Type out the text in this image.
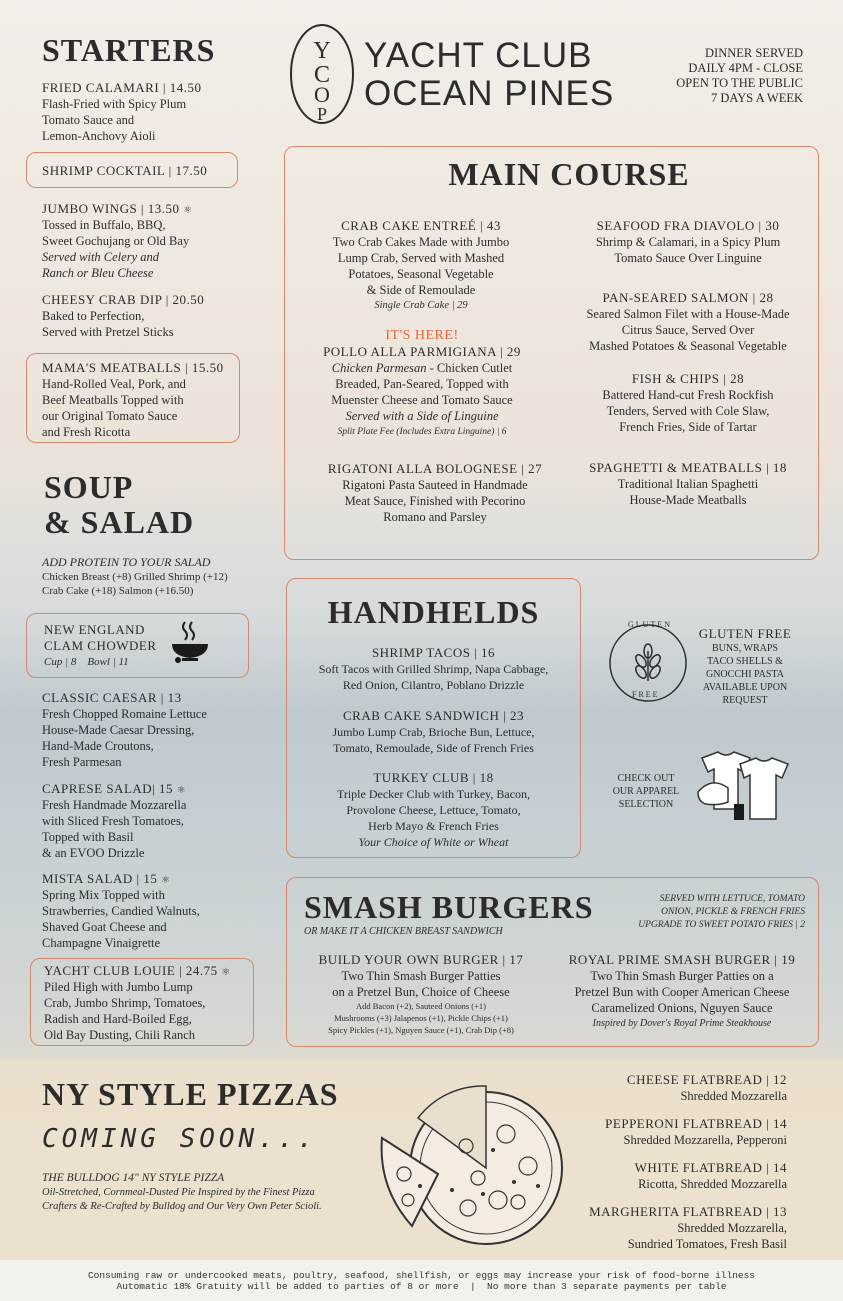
Y
C
O
P
YACHT CLUB
OCEAN PINES
DINNER SERVED
DAILY 4PM - CLOSE
OPEN TO THE PUBLIC
7 DAYS A WEEK
STARTERS
FRIED CALAMARI | 14.50
Flash-Fried with Spicy Plum
Tomato Sauce and
Lemon-Anchovy Aioli
SHRIMP COCKTAIL | 17.50
JUMBO WINGS | 13.50 ⚛
Tossed in Buffalo, BBQ,
Sweet Gochujang or Old Bay
Served with Celery and
Ranch or Bleu Cheese
CHEESY CRAB DIP | 20.50
Baked to Perfection,
Served with Pretzel Sticks
MAMA'S MEATBALLS | 15.50
Hand-Rolled Veal, Pork, and
Beef Meatballs Topped with
our Original Tomato Sauce
and Fresh Ricotta
SOUP
& SALAD
ADD PROTEIN TO YOUR SALAD
Chicken Breast (+8) Grilled Shrimp (+12)
Crab Cake (+18) Salmon (+16.50)
NEW ENGLAND
CLAM CHOWDER
Cup | 8    Bowl | 11
CLASSIC CAESAR | 13
Fresh Chopped Romaine Lettuce
House-Made Caesar Dressing,
Hand-Made Croutons,
Fresh Parmesan
CAPRESE SALAD| 15 ⚛
Fresh Handmade Mozzarella
with Sliced Fresh Tomatoes,
Topped with Basil
& an EVOO Drizzle
MISTA SALAD | 15 ⚛
Spring Mix Topped with
Strawberries, Candied Walnuts,
Shaved Goat Cheese and
Champagne Vinaigrette
YACHT CLUB LOUIE | 24.75 ⚛
Piled High with Jumbo Lump
Crab, Jumbo Shrimp, Tomatoes,
Radish and Hard-Boiled Egg,
Old Bay Dusting, Chili Ranch
MAIN COURSE
CRAB CAKE ENTREÉ | 43
Two Crab Cakes Made with Jumbo
Lump Crab, Served with Mashed
Potatoes, Seasonal Vegetable
& Side of Remoulade
Single Crab Cake | 29
IT'S HERE!
POLLO ALLA PARMIGIANA | 29
Chicken Parmesan - Chicken Cutlet
Breaded, Pan-Seared, Topped with
Muenster Cheese and Tomato Sauce
Served with a Side of Linguine
Split Plate Fee (Includes Extra Linguine) | 6
RIGATONI ALLA BOLOGNESE | 27
Rigatoni Pasta Sauteed in Handmade
Meat Sauce, Finished with Pecorino
Romano and Parsley
SEAFOOD FRA DIAVOLO | 30
Shrimp & Calamari, in a Spicy Plum
Tomato Sauce Over Linguine
PAN-SEARED SALMON | 28
Seared Salmon Filet with a House-Made
Citrus Sauce, Served Over
Mashed Potatoes & Seasonal Vegetable
FISH & CHIPS | 28
Battered Hand-cut Fresh Rockfish
Tenders, Served with Cole Slaw,
French Fries, Side of Tartar
SPAGHETTI & MEATBALLS | 18
Traditional Italian Spaghetti
House-Made Meatballs
HANDHELDS
SHRIMP TACOS | 16
Soft Tacos with Grilled Shrimp, Napa Cabbage,
Red Onion, Cilantro, Poblano Drizzle
CRAB CAKE SANDWICH | 23
Jumbo Lump Crab, Brioche Bun, Lettuce,
Tomato, Remoulade, Side of French Fries
TURKEY CLUB | 18
Triple Decker Club with Turkey, Bacon,
Provolone Cheese, Lettuce, Tomato,
Herb Mayo & French Fries
Your Choice of White or Wheat
GLUTEN
FREE
GLUTEN FREE
BUNS, WRAPS
TACO SHELLS &
GNOCCHI PASTA
AVAILABLE UPON
REQUEST
CHECK OUT
OUR APPAREL
SELECTION
SMASH BURGERS
OR MAKE IT A CHICKEN BREAST SANDWICH
SERVED WITH LETTUCE, TOMATO
ONION, PICKLE & FRENCH FRIES
UPGRADE TO SWEET POTATO FRIES | 2
BUILD YOUR OWN BURGER | 17
Two Thin Smash Burger Patties
on a Pretzel Bun, Choice of Cheese
Add Bacon (+2), Sauteed Onions (+1)
Mushrooms (+3) Jalapenos (+1), Pickle Chips (+1)
Spicy Pickles (+1), Nguyen Sauce (+1), Crab Dip (+8)
ROYAL PRIME SMASH BURGER | 19
Two Thin Smash Burger Patties on a
Pretzel Bun with Cooper American Cheese
Caramelized Onions, Nguyen Sauce
Inspired by Dover's Royal Prime Steakhouse
NY STYLE PIZZAS
COMING SOON...
THE BULLDOG 14" NY STYLE PIZZA
Oil-Stretched, Cornmeal-Dusted Pie Inspired by the Finest Pizza
Crafters & Re-Crafted by Bulldog and Our Very Own Peter Scioli.
CHEESE FLATBREAD | 12
Shredded Mozzarella
PEPPERONI FLATBREAD | 14
Shredded Mozzarella, Pepperoni
WHITE FLATBREAD | 14
Ricotta, Shredded Mozzarella
MARGHERITA FLATBREAD | 13
Shredded Mozzarella,
Sundried Tomatoes, Fresh Basil
Consuming raw or undercooked meats, poultry, seafood, shellfish, or eggs may increase your risk of food-borne illness
Automatic 18% Gratuity will be added to parties of 8 or more  |  No more than 3 separate payments per table
